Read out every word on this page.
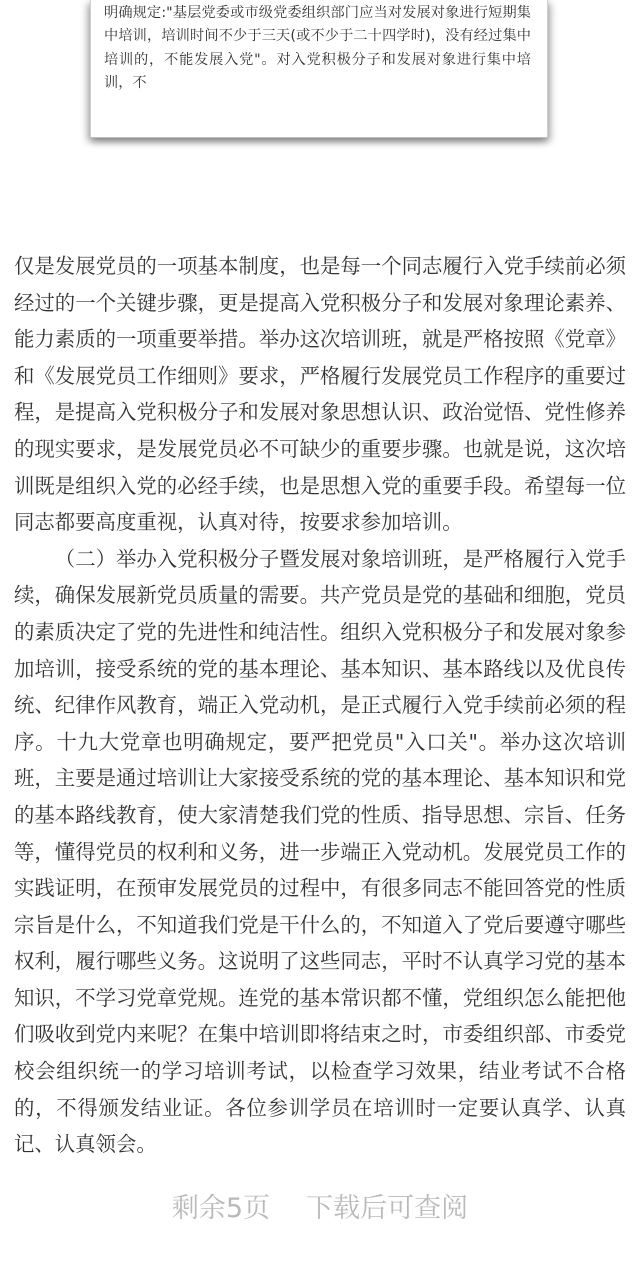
明确规定:"基层党委或市级党委组织部门应当对发展对象进行短期集中培训，培训时间不少于三天(或不少于二十四学时)，没有经过集中培训的，不能发展入党"。对入党积极分子和发展对象进行集中培训，不

仅是发展党员的一项基本制度，也是每一个同志履行入党手续前必须经过的一个关键步骤，更是提高入党积极分子和发展对象理论素养、能力素质的一项重要举措。举办这次培训班，就是严格按照《党章》和《发展党员工作细则》要求，严格履行发展党员工作程序的重要过程，是提高入党积极分子和发展对象思想认识、政治觉悟、党性修养的现实要求，是发展党员必不可缺少的重要步骤。也就是说，这次培训既是组织入党的必经手续，也是思想入党的重要手段。希望每一位同志都要高度重视，认真对待，按要求参加培训。

（二）举办入党积极分子暨发展对象培训班，是严格履行入党手续，确保发展新党员质量的需要。共产党员是党的基础和细胞，党员的素质决定了党的先进性和纯洁性。组织入党积极分子和发展对象参加培训，接受系统的党的基本理论、基本知识、基本路线以及优良传统、纪律作风教育，端正入党动机，是正式履行入党手续前必须的程序。十九大党章也明确规定，要严把党员"入口关"。举办这次培训班，主要是通过培训让大家接受系统的党的基本理论、基本知识和党的基本路线教育，使大家清楚我们党的性质、指导思想、宗旨、任务等，懂得党员的权利和义务，进一步端正入党动机。发展党员工作的实践证明，在预审发展党员的过程中，有很多同志不能回答党的性质宗旨是什么，不知道我们党是干什么的，不知道入了党后要遵守哪些权利，履行哪些义务。这说明了这些同志，平时不认真学习党的基本知识，不学习党章党规。连党的基本常识都不懂，党组织怎么能把他们吸收到党内来呢？在集中培训即将结束之时，市委组织部、市委党校会组织统一的学习培训考试，以检查学习效果，结业考试不合格的，不得颁发结业证。各位参训学员在培训时一定要认真学、认真记、认真领会。

剩余5页 下载后可查阅
